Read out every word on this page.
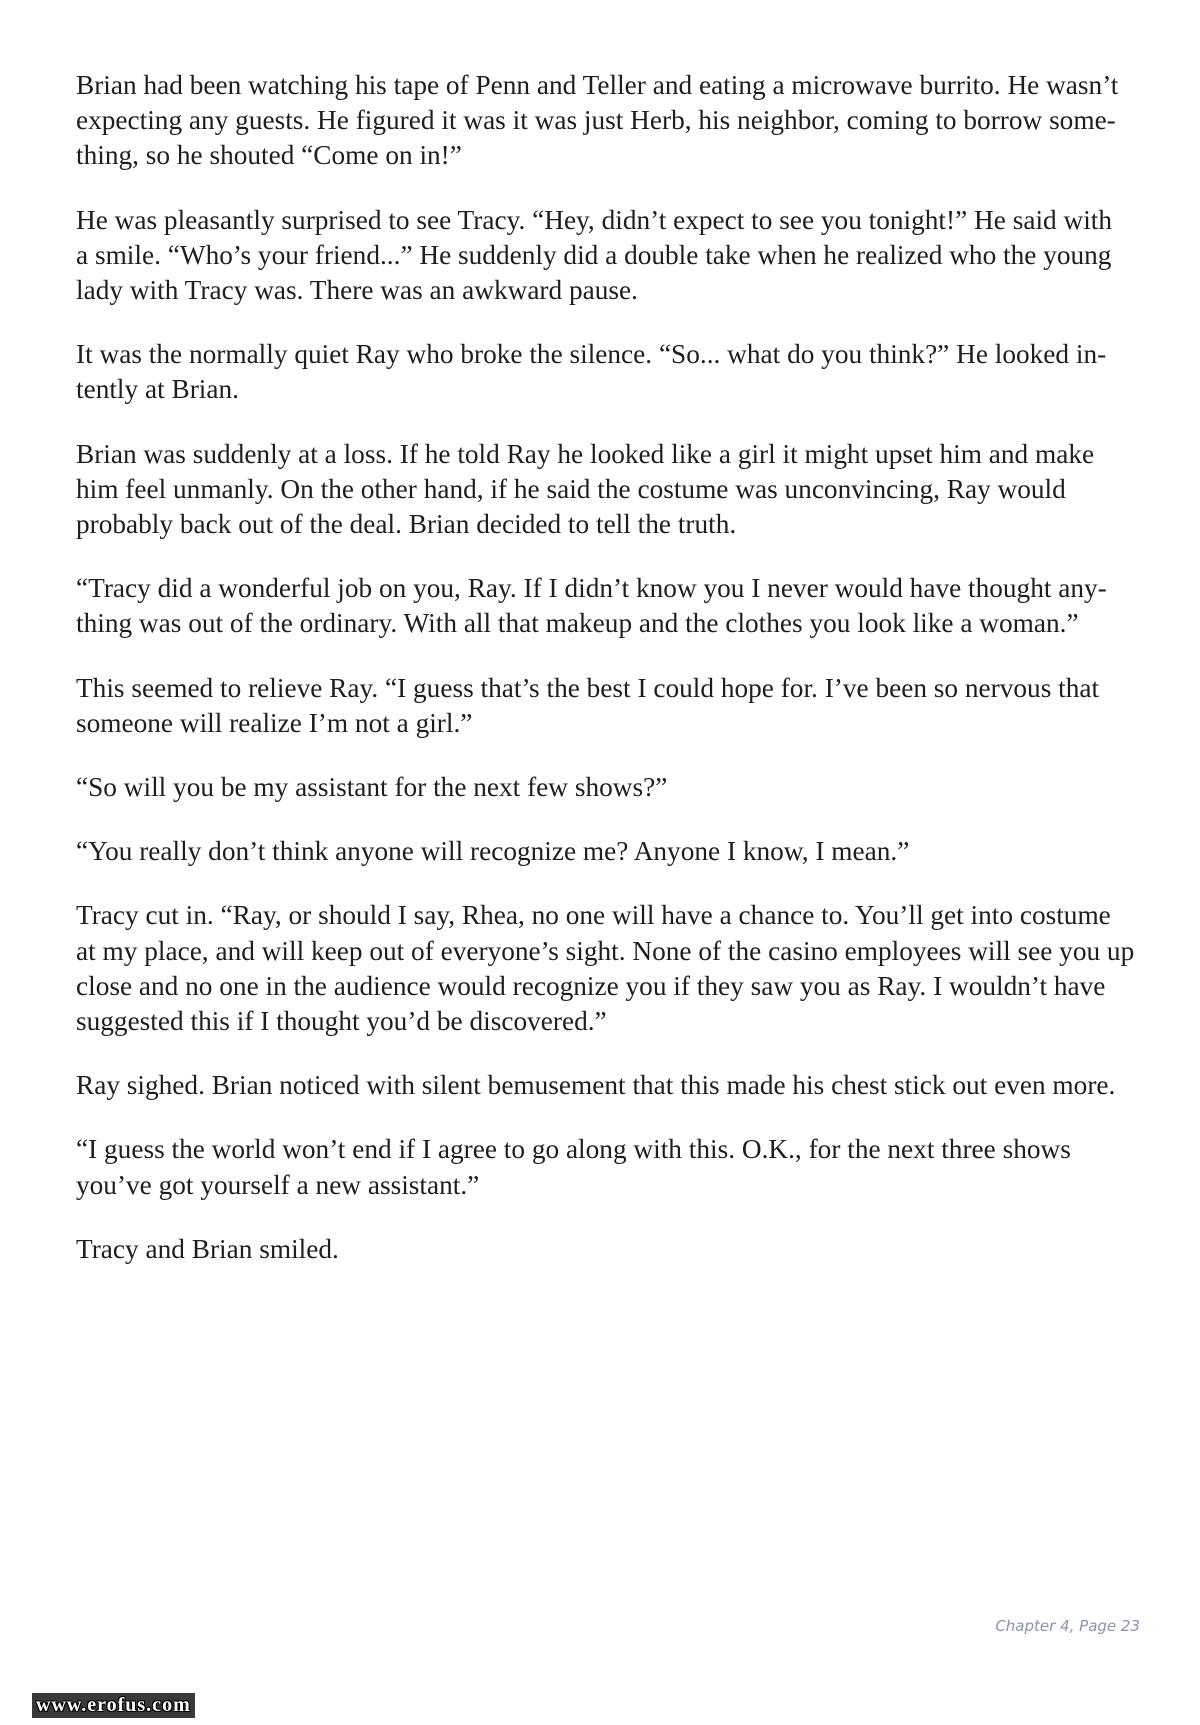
Brian had been watching his tape of Penn and Teller and eating a microwave burrito. He wasn’t
expecting any guests. He figured it was it was just Herb, his neighbor, coming to borrow some-
thing, so he shouted “Come on in!”

He was pleasantly surprised to see Tracy. “Hey, didn’t expect to see you tonight!” He said with
a smile. “Who’s your friend...” He suddenly did a double take when he realized who the young
lady with Tracy was. There was an awkward pause.

It was the normally quiet Ray who broke the silence. “So... what do you think?” He looked in-
tently at Brian.

Brian was suddenly at a loss. If he told Ray he looked like a girl it might upset him and make
him feel unmanly. On the other hand, if he said the costume was unconvincing, Ray would
probably back out of the deal. Brian decided to tell the truth.

“Tracy did a wonderful job on you, Ray. If I didn’t know you I never would have thought any-
thing was out of the ordinary. With all that makeup and the clothes you look like a woman.”

This seemed to relieve Ray. “I guess that’s the best I could hope for. I’ve been so nervous that
someone will realize I’m not a girl.”

“So will you be my assistant for the next few shows?”

“You really don’t think anyone will recognize me? Anyone I know, I mean.”

Tracy cut in. “Ray, or should I say, Rhea, no one will have a chance to. You’ll get into costume
at my place, and will keep out of everyone’s sight. None of the casino employees will see you up
close and no one in the audience would recognize you if they saw you as Ray. I wouldn’t have
suggested this if I thought you’d be discovered.”

Ray sighed. Brian noticed with silent bemusement that this made his chest stick out even more.

“I guess the world won’t end if I agree to go along with this. O.K., for the next three shows
you’ve got yourself a new assistant.”

Tracy and Brian smiled.

Chapter 4, Page 23
www.erofus.com
